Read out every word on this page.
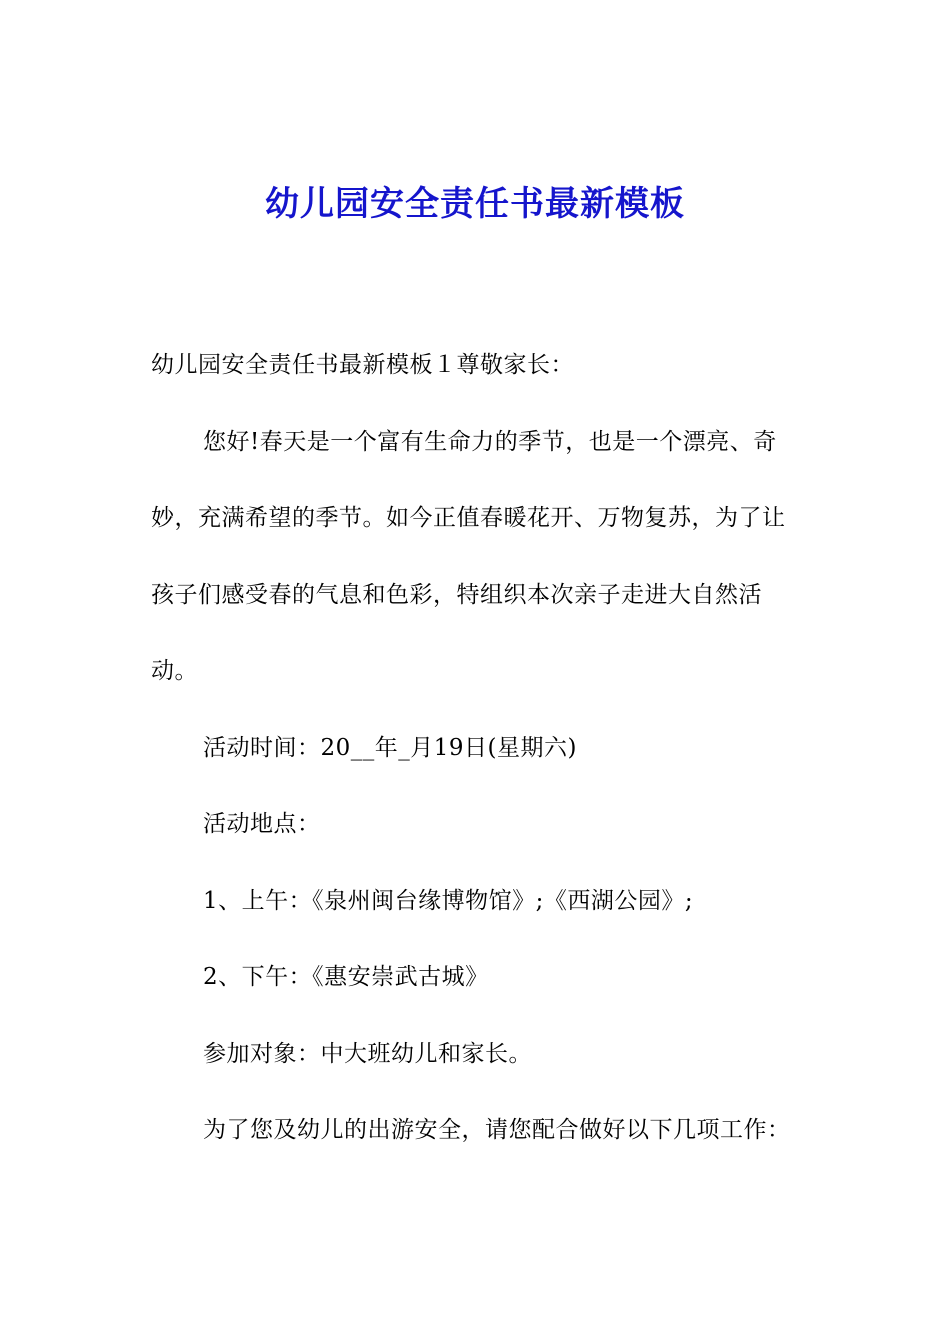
幼儿园安全责任书最新模板

幼儿园安全责任书最新模板１尊敬家长：

您好!春天是一个富有生命力的季节，也是一个漂亮、奇妙，充满希望的季节。如今正值春暖花开、万物复苏，为了让孩子们感受春的气息和色彩，特组织本次亲子走进大自然活动。

活动时间：20__年_月19日(星期六)

活动地点：

1、上午：《泉州闽台缘博物馆》;《西湖公园》;

2、下午：《惠安崇武古城》

参加对象：中大班幼儿和家长。

为了您及幼儿的出游安全，请您配合做好以下几项工作：
